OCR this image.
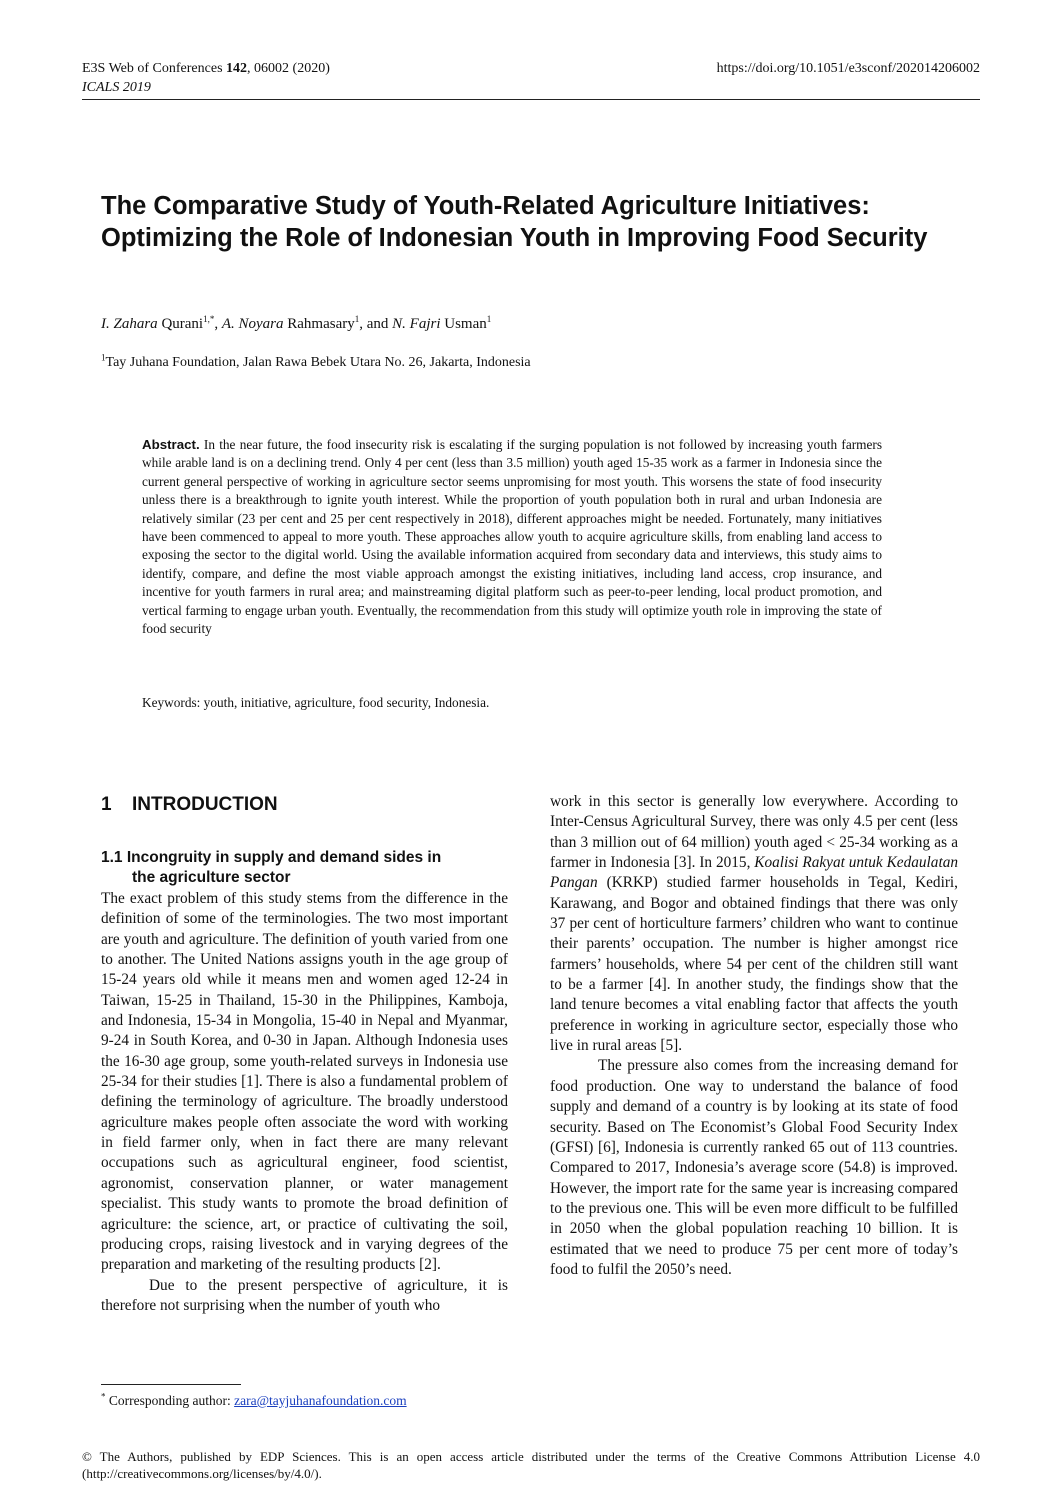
E3S Web of Conferences 142, 06002 (2020)
ICALS 2019
https://doi.org/10.1051/e3sconf/202014206002
The Comparative Study of Youth-Related Agriculture Initiatives: Optimizing the Role of Indonesian Youth in Improving Food Security
I. Zahara Qurani$^{1,*}$, A. Noyara Rahmasary$^1$, and N. Fajri Usman$^1$
$^1$Tay Juhana Foundation, Jalan Rawa Bebek Utara No. 26, Jakarta, Indonesia
Abstract. In the near future, the food insecurity risk is escalating if the surging population is not followed by increasing youth farmers while arable land is on a declining trend. Only 4 per cent (less than 3.5 million) youth aged 15-35 work as a farmer in Indonesia since the current general perspective of working in agriculture sector seems unpromising for most youth. This worsens the state of food insecurity unless there is a breakthrough to ignite youth interest. While the proportion of youth population both in rural and urban Indonesia are relatively similar (23 per cent and 25 per cent respectively in 2018), different approaches might be needed. Fortunately, many initiatives have been commenced to appeal to more youth. These approaches allow youth to acquire agriculture skills, from enabling land access to exposing the sector to the digital world. Using the available information acquired from secondary data and interviews, this study aims to identify, compare, and define the most viable approach amongst the existing initiatives, including land access, crop insurance, and incentive for youth farmers in rural area; and mainstreaming digital platform such as peer-to-peer lending, local product promotion, and vertical farming to engage urban youth. Eventually, the recommendation from this study will optimize youth role in improving the state of food security
Keywords: youth, initiative, agriculture, food security, Indonesia.
1 INTRODUCTION
1.1 Incongruity in supply and demand sides in
the agriculture sector

The exact problem of this study stems from the difference in the definition of some of the terminologies. The two most important are youth and agriculture. The definition of youth varied from one to another. The United Nations assigns youth in the age group of 15-24 years old while it means men and women aged 12-24 in Taiwan, 15-25 in Thailand, 15-30 in the Philippines, Kamboja, and Indonesia, 15-34 in Mongolia, 15-40 in Nepal and Myanmar, 9-24 in South Korea, and 0-30 in Japan. Although Indonesia uses the 16-30 age group, some youth-related surveys in Indonesia use 25-34 for their studies [1]. There is also a fundamental problem of defining the terminology of agriculture. The broadly understood agriculture makes people often associate the word with working in field farmer only, when in fact there are many relevant occupations such as agricultural engineer, food scientist, agronomist, conservation planner, or water management specialist. This study wants to promote the broad definition of agriculture: the science, art, or practice of cultivating the soil, producing crops, raising livestock and in varying degrees of the preparation and marketing of the resulting products [2].

Due to the present perspective of agriculture, it is therefore not surprising when the number of youth who

work in this sector is generally low everywhere. According to Inter-Census Agricultural Survey, there was only 4.5 per cent (less than 3 million out of 64 million) youth aged < 25-34 working as a farmer in Indonesia [3]. In 2015, Koalisi Rakyat untuk Kedaulatan Pangan (KRKP) studied farmer households in Tegal, Kediri, Karawang, and Bogor and obtained findings that there was only 37 per cent of horticulture farmers’ children who want to continue their parents’ occupation. The number is higher amongst rice farmers’ households, where 54 per cent of the children still want to be a farmer [4]. In another study, the findings show that the land tenure becomes a vital enabling factor that affects the youth preference in working in agriculture sector, especially those who live in rural areas [5].

The pressure also comes from the increasing demand for food production. One way to understand the balance of food supply and demand of a country is by looking at its state of food security. Based on The Economist’s Global Food Security Index (GFSI) [6], Indonesia is currently ranked 65 out of 113 countries. Compared to 2017, Indonesia’s average score (54.8) is improved. However, the import rate for the same year is increasing compared to the previous one. This will be even more difficult to be fulfilled in 2050 when the global population reaching 10 billion. It is estimated that we need to produce 75 per cent more of today’s food to fulfil the 2050’s need.

* Corresponding author: zara@tayjuhanafoundation.com
© The Authors, published by EDP Sciences. This is an open access article distributed under the terms of the Creative Commons Attribution License 4.0 (http://creativecommons.org/licenses/by/4.0/).
